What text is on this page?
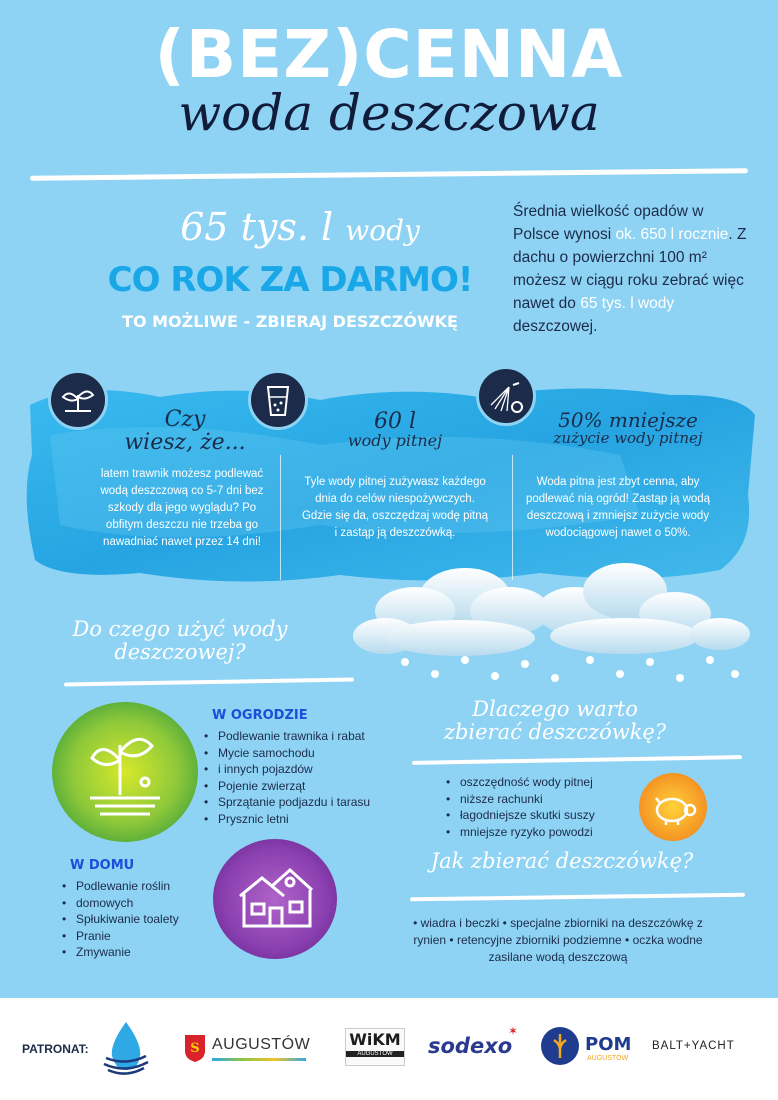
(BEZ)CENNA
woda deszczowa
65 tys. l wody
CO ROK ZA DARMO!
TO MOŻLIWE - ZBIERAJ DESZCZÓWKĘ
Średnia wielkość opadów w Polsce wynosi ok. 650 l rocznie. Z dachu o powierzchni 100 m² możesz w ciągu roku zebrać więc nawet do 65 tys. l wody deszczowej.
Czy
wiesz, że...
latem trawnik możesz podlewać wodą deszczową co 5-7 dni bez szkody dla jego wyglądu? Po obfitym deszczu nie trzeba go nawadniać nawet przez 14 dni!
60 l
wody pitnej
Tyle wody pitnej zużywasz każdego dnia do celów niespożywczych. Gdzie się da, oszczędzaj wodę pitną i zastąp ją deszczówką.
50% mniejsze
zużycie wody pitnej
Woda pitna jest zbyt cenna, aby podlewać nią ogród! Zastąp ją wodą deszczową i zmniejsz zużycie wody wodociągowej nawet o 50%.
Do czego użyć wody deszczowej?
W OGRODZIE
• Podlewanie trawnika i rabat
• Mycie samochodu
• i innych pojazdów
• Pojenie zwierząt
• Sprzątanie podjazdu i tarasu
• Prysznic letni
W DOMU
• Podlewanie roślin
• domowych
• Spłukiwanie toalety
• Pranie
• Zmywanie
Dlaczego warto zbierać deszczówkę?
• oszczędność wody pitnej
• niższe rachunki
• łagodniejsze skutki suszy
• mniejsze ryzyko powodzi
Jak zbierać deszczówkę?
• wiadra i beczki • specjalne zbiorniki na deszczówkę z rynien • retencyjne zbiorniki podziemne • oczka wodne zasilane wodą deszczową
PATRONAT:	S AUGUSTÓW WiKM
AUGUSTÓW	sodexo
✶
POM
AUGUSTÓW
BALT+YACHT
